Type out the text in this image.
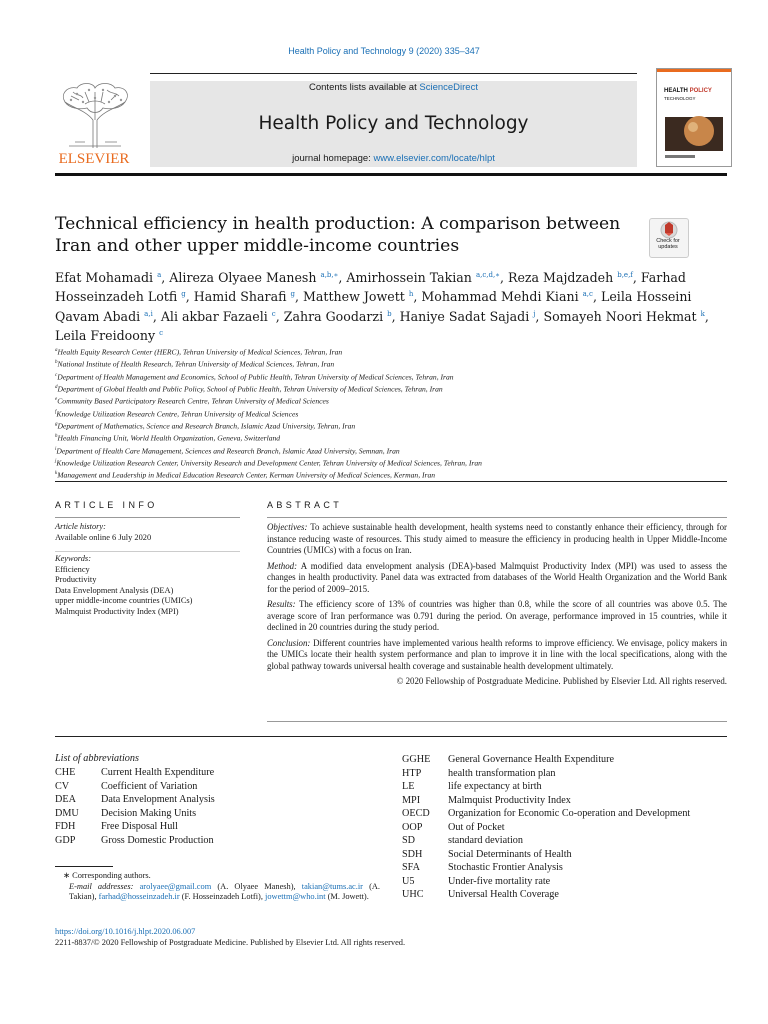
Health Policy and Technology 9 (2020) 335–347
ELSEVIER
Contents lists available at ScienceDirect
Health Policy and Technology
journal homepage: www.elsevier.com/locate/hlpt
HEALTH POLICY
TECHNOLOGY
Technical efficiency in health production: A comparison between Iran and other upper middle-income countries	Check for updates
Efat Mohamadi $^a$, Alireza Olyaee Manesh $^{a,b,∗}$, Amirhossein Takian $^{a,c,d,∗}$, Reza Majdzadeh $^{b,e,f}$, Farhad Hosseinzadeh Lotfi $^g$, Hamid Sharafi $^g$, Matthew Jowett $^h$, Mohammad Mehdi Kiani $^{a,c}$, Leila Hosseini Qavam Abadi $^{a,i}$, Ali akbar Fazaeli $^c$, Zahra Goodarzi $^b$, Haniye Sadat Sajadi $^j$, Somayeh Noori Hekmat $^k$, Leila Freidoony $^c$
$^a$Health Equity Research Center (HERC), Tehran University of Medical Sciences, Tehran, Iran
$^b$National Institute of Health Research, Tehran University of Medical Sciences, Tehran, Iran
$^c$Department of Health Management and Economics, School of Public Health, Tehran University of Medical Sciences, Tehran, Iran
$^d$Department of Global Health and Public Policy, School of Public Health, Tehran University of Medical Sciences, Tehran, Iran
$^e$Community Based Participatory Research Centre, Tehran University of Medical Sciences
$^f$Knowledge Utilization Research Centre, Tehran University of Medical Sciences
$^g$Department of Mathematics, Science and Research Branch, Islamic Azad University, Tehran, Iran
$^h$Health Financing Unit, World Health Organization, Geneva, Switzerland
$^i$Department of Health Care Management, Sciences and Research Branch, Islamic Azad University, Semnan, Iran
$^j$Knowledge Utilization Research Center, University Research and Development Center, Tehran University of Medical Sciences, Tehran, Iran
$^k$Management and Leadership in Medical Education Research Center, Kerman University of Medical Sciences, Kerman, Iran
ARTICLE INFO
Article history:
Available online 6 July 2020
Keywords:
Efficiency
Productivity
Data Envelopment Analysis (DEA)
upper middle-income countries (UMICs)
Malmquist Productivity Index (MPI)
ABSTRACT

Objectives: To achieve sustainable health development, health systems need to constantly enhance their efficiency, through for instance reducing waste of resources. This study aimed to measure the efficiency in producing health in Upper Middle-Income Countries (UMICs) with a focus on Iran.

Method: A modified data envelopment analysis (DEA)-based Malmquist Productivity Index (MPI) was used to assess the changes in health productivity. Panel data was extracted from databases of the World Health Organization and the World Bank for the period of 2009–2015.

Results: The efficiency score of 13% of countries was higher than 0.8, while the score of all countries was above 0.5. The average score of Iran performance was 0.791 during the period. On average, performance improved in 15 countries, while it declined in 20 countries during the study period.

Conclusion: Different countries have implemented various health reforms to improve efficiency. We envisage, policy makers in the UMICs locate their health system performance and plan to improve it in line with the local specifications, along with the global pathway towards universal health coverage and sustainable health development ultimately.

© 2020 Fellowship of Postgraduate Medicine. Published by Elsevier Ltd. All rights reserved.
List of abbreviations
CHE	Current Health Expenditure
CV	Coefficient of Variation
DEA	Data Envelopment Analysis
DMU	Decision Making Units
FDH	Free Disposal Hull
GDP	Gross Domestic Production
GGHE	General Governance Health Expenditure
HTP	health transformation plan
LE	life expectancy at birth
MPI	Malmquist Productivity Index
OECD	Organization for Economic Co-operation and Development
OOP	Out of Pocket
SD	standard deviation
SDH	Social Determinants of Health
SFA	Stochastic Frontier Analysis
U5	Under-five mortality rate
UHC	Universal Health Coverage
∗ Corresponding authors.
E-mail addresses: arolyaee@gmail.com (A. Olyaee Manesh), takian@tums.ac.ir (A. Takian), farhad@hosseinzadeh.ir (F. Hosseinzadeh Lotfi), jowettm@who.int (M. Jowett).
https://doi.org/10.1016/j.hlpt.2020.06.007
2211-8837/© 2020 Fellowship of Postgraduate Medicine. Published by Elsevier Ltd. All rights reserved.
